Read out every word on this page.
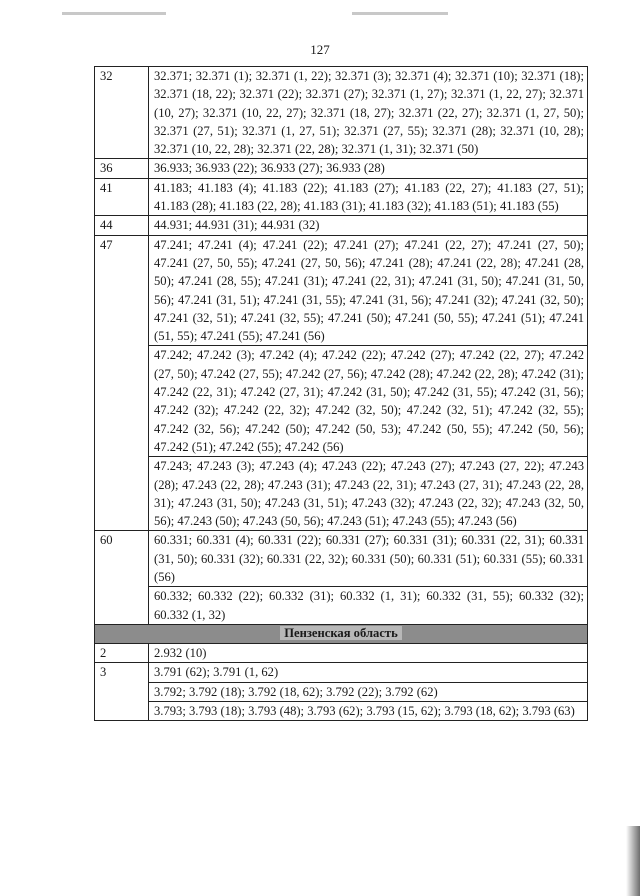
127
32	32.371; 32.371 (1); 32.371 (1, 22); 32.371 (3); 32.371 (4); 32.371 (10); 32.371 (18); 32.371 (18, 22); 32.371 (22); 32.371 (27); 32.371 (1, 27); 32.371 (1, 22, 27); 32.371 (10, 27); 32.371 (10, 22, 27); 32.371 (18, 27); 32.371 (22, 27); 32.371 (1, 27, 50); 32.371 (27, 51); 32.371 (1, 27, 51); 32.371 (27, 55); 32.371 (28); 32.371 (10, 28); 32.371 (10, 22, 28); 32.371 (22, 28); 32.371 (1, 31); 32.371 (50)
36	36.933; 36.933 (22); 36.933 (27); 36.933 (28)
41	41.183; 41.183 (4); 41.183 (22); 41.183 (27); 41.183 (22, 27); 41.183 (27, 51); 41.183 (28); 41.183 (22, 28); 41.183 (31); 41.183 (32); 41.183 (51); 41.183 (55)
44	44.931; 44.931 (31); 44.931 (32)
47	47.241; 47.241 (4); 47.241 (22); 47.241 (27); 47.241 (22, 27); 47.241 (27, 50); 47.241 (27, 50, 55); 47.241 (27, 50, 56); 47.241 (28); 47.241 (22, 28); 47.241 (28, 50); 47.241 (28, 55); 47.241 (31); 47.241 (22, 31); 47.241 (31, 50); 47.241 (31, 50, 56); 47.241 (31, 51); 47.241 (31, 55); 47.241 (31, 56); 47.241 (32); 47.241 (32, 50); 47.241 (32, 51); 47.241 (32, 55); 47.241 (50); 47.241 (50, 55); 47.241 (51); 47.241 (51, 55); 47.241 (55); 47.241 (56)
	47.242; 47.242 (3); 47.242 (4); 47.242 (22); 47.242 (27); 47.242 (22, 27); 47.242 (27, 50); 47.242 (27, 55); 47.242 (27, 56); 47.242 (28); 47.242 (22, 28); 47.242 (31); 47.242 (22, 31); 47.242 (27, 31); 47.242 (31, 50); 47.242 (31, 55); 47.242 (31, 56); 47.242 (32); 47.242 (22, 32); 47.242 (32, 50); 47.242 (32, 51); 47.242 (32, 55); 47.242 (32, 56); 47.242 (50); 47.242 (50, 53); 47.242 (50, 55); 47.242 (50, 56); 47.242 (51); 47.242 (55); 47.242 (56)
	47.243; 47.243 (3); 47.243 (4); 47.243 (22); 47.243 (27); 47.243 (27, 22); 47.243 (28); 47.243 (22, 28); 47.243 (31); 47.243 (22, 31); 47.243 (27, 31); 47.243 (22, 28, 31); 47.243 (31, 50); 47.243 (31, 51); 47.243 (32); 47.243 (22, 32); 47.243 (32, 50, 56); 47.243 (50); 47.243 (50, 56); 47.243 (51); 47.243 (55); 47.243 (56)
60	60.331; 60.331 (4); 60.331 (22); 60.331 (27); 60.331 (31); 60.331 (22, 31); 60.331 (31, 50); 60.331 (32); 60.331 (22, 32); 60.331 (50); 60.331 (51); 60.331 (55); 60.331 (56)
	60.332; 60.332 (22); 60.332 (31); 60.332 (1, 31); 60.332 (31, 55); 60.332 (32); 60.332 (1, 32)
Пензенская область	
2	2.932 (10)
3	3.791 (62); 3.791 (1, 62)
	3.792; 3.792 (18); 3.792 (18, 62); 3.792 (22); 3.792 (62)
	3.793; 3.793 (18); 3.793 (48); 3.793 (62); 3.793 (15, 62); 3.793 (18, 62); 3.793 (63)
